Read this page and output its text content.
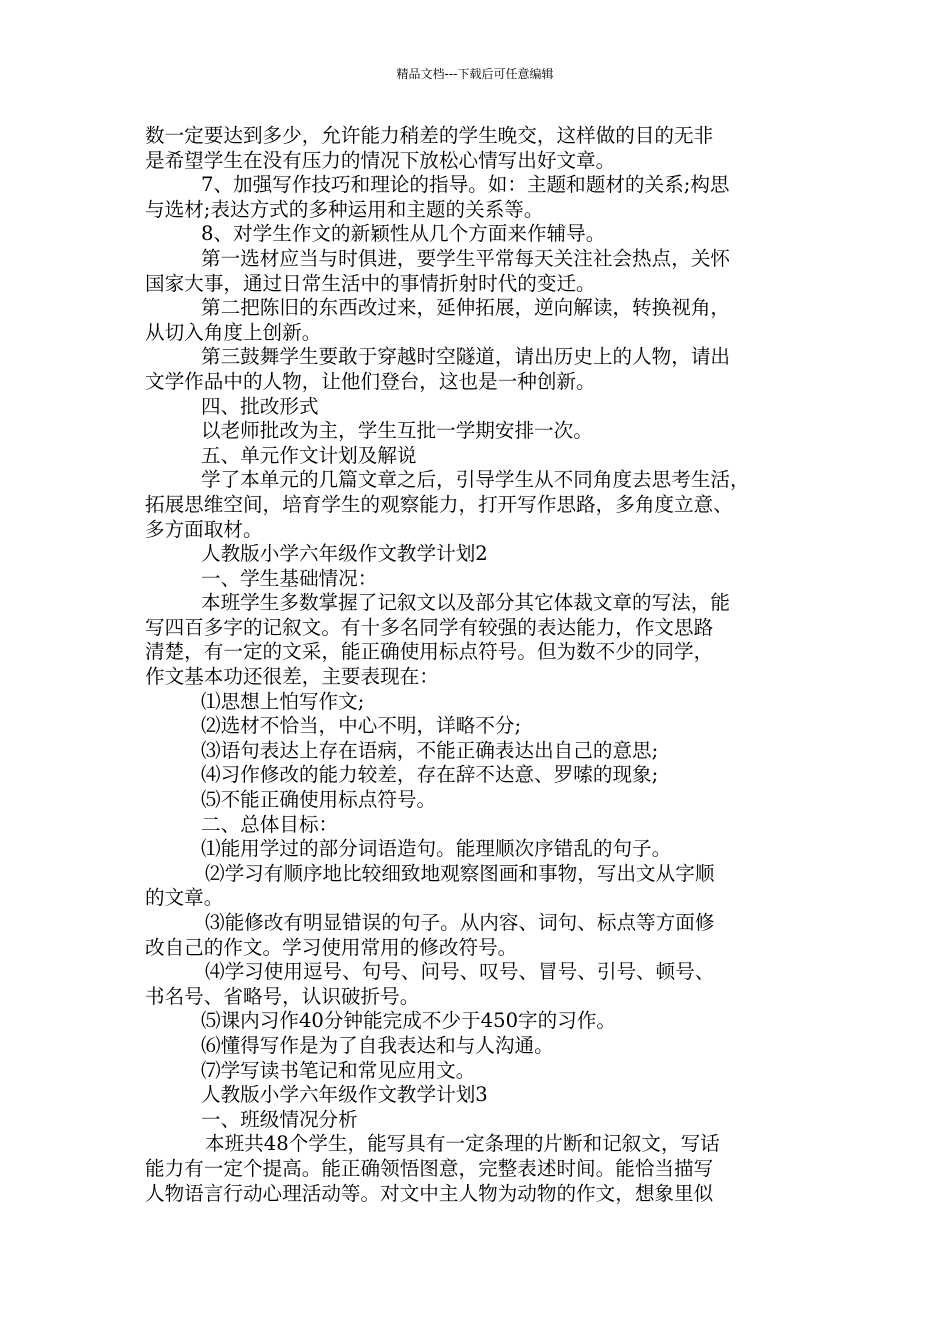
精品文档---下载后可任意编辑

数一定要达到多少，允许能力稍差的学生晚交，这样做的目的无非

是希望学生在没有压力的情况下放松心情写出好文章。

7、加强写作技巧和理论的指导。如：主题和题材的关系;构思

与选材;表达方式的多种运用和主题的关系等。

8、对学生作文的新颖性从几个方面来作辅导。

第一选材应当与时俱进，要学生平常每天关注社会热点，关怀

国家大事，通过日常生活中的事情折射时代的变迁。

第二把陈旧的东西改过来，延伸拓展，逆向解读，转换视角，

从切入角度上创新。

第三鼓舞学生要敢于穿越时空隧道，请出历史上的人物，请出

文学作品中的人物，让他们登台，这也是一种创新。

四、批改形式

以老师批改为主，学生互批一学期安排一次。

五、单元作文计划及解说

学了本单元的几篇文章之后，引导学生从不同角度去思考生活，

拓展思维空间，培育学生的观察能力，打开写作思路，多角度立意、

多方面取材。

人教版小学六年级作文教学计划2

一、学生基础情况：

本班学生多数掌握了记叙文以及部分其它体裁文章的写法，能

写四百多字的记叙文。有十多名同学有较强的表达能力，作文思路

清楚，有一定的文采，能正确使用标点符号。但为数不少的同学，

作文基本功还很差，主要表现在：

⑴思想上怕写作文;

⑵选材不恰当，中心不明，详略不分;

⑶语句表达上存在语病，不能正确表达出自己的意思;

⑷习作修改的能力较差，存在辞不达意、罗嗦的现象;

⑸不能正确使用标点符号。

二、总体目标：

⑴能用学过的部分词语造句。能理顺次序错乱的句子。

⑵学习有顺序地比较细致地观察图画和事物，写出文从字顺

的文章。

⑶能修改有明显错误的句子。从内容、词句、标点等方面修

改自己的作文。学习使用常用的修改符号。

⑷学习使用逗号、句号、问号、叹号、冒号、引号、顿号、

书名号、省略号，认识破折号。

⑸课内习作40分钟能完成不少于450字的习作。

⑹懂得写作是为了自我表达和与人沟通。

⑺学写读书笔记和常见应用文。

人教版小学六年级作文教学计划3

一、班级情况分析

本班共48个学生，能写具有一定条理的片断和记叙文，写话

能力有一定个提高。能正确领悟图意，完整表述时间。能恰当描写

人物语言行动心理活动等。对文中主人物为动物的作文，想象里似
